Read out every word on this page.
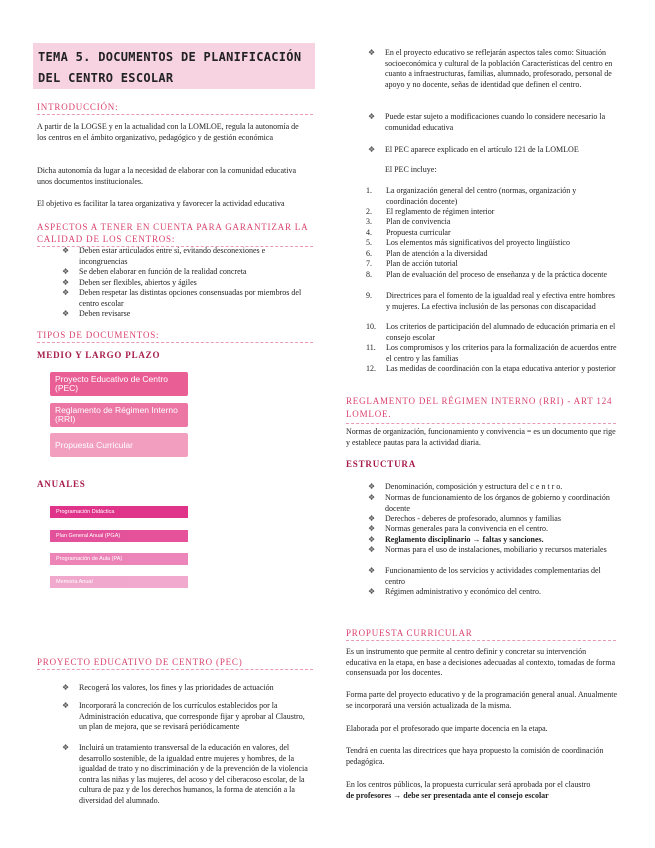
TEMA 5. DOCUMENTOS DE PLANIFICACIÓN DEL CENTRO ESCOLAR
INTRODUCCIÓN:
A partir de la LOGSE y en la actualidad con la LOMLOE, regula la autonomía de los centros en el ámbito organizativo, pedagógico y de gestión económica
Dicha autonomía da lugar a la necesidad de elaborar con la comunidad educativa unos documentos institucionales.
El objetivo es facilitar la tarea organizativa y favorecer la actividad educativa
ASPECTOS A TENER EN CUENTA PARA GARANTIZAR LA CALIDAD DE LOS CENTROS:
❖ Deben estar articulados entre sí, evitando desconexiones e incongruencias
❖ Se deben elaborar en función de la realidad concreta
❖ Deben ser flexibles, abiertos y ágiles
❖ Deben respetar las distintas opciones consensuadas por miembros del centro escolar
❖ Deben revisarse
TIPOS DE DOCUMENTOS:
MEDIO Y LARGO PLAZO
Proyecto Educativo de Centro (PEC)
Reglamento de Régimen Interno (RRI)
Propuesta Curricular
ANUALES
Programación Didáctica
Plan General Anual (PGA)
Programación de Aula (PA)
Memoria Anual
PROYECTO EDUCATIVO DE CENTRO (PEC)
❖ Recogerá los valores, los fines y las prioridades de actuación
❖ Incorporará la concreción de los currículos establecidos por la Administración educativa, que corresponde fijar y aprobar al Claustro, un plan de mejora, que se revisará periódicamente
❖ Incluirá un tratamiento transversal de la educación en valores, del desarrollo sostenible, de la igualdad entre mujeres y hombres, de la igualdad de trato y no discriminación y de la prevención de la violencia contra las niñas y las mujeres, del acoso y del ciberacoso escolar, de la cultura de paz y de los derechos humanos, la forma de atención a la diversidad del alumnado.
❖ En el proyecto educativo se reflejarán aspectos tales como: Situación socioeconómica y cultural de la población Características del centro en cuanto a infraestructuras, familias, alumnado, profesorado, personal de apoyo y no docente, señas de identidad que definen el centro.
❖ Puede estar sujeto a modificaciones cuando lo considere necesario la comunidad educativa
❖ El PEC aparece explicado en el artículo 121 de la LOMLOE
El PEC incluye:
1.	La organización general del centro (normas, organización y coordinación docente)
2.	El reglamento de régimen interior
3.	Plan de convivencia
4.	Propuesta curricular
5.	Los elementos más significativos del proyecto lingüístico
6.	Plan de atención a la diversidad
7.	Plan de acción tutorial
8.	Plan de evaluación del proceso de enseñanza y de la práctica docente
9.	Directrices para el fomento de la igualdad real y efectiva entre hombres y mujeres. La efectiva inclusión de las personas con discapacidad
10.	Los criterios de participación del alumnado de educación primaria en el consejo escolar
11.	Los compromisos y los criterios para la formalización de acuerdos entre el centro y las familias
12.	Las medidas de coordinación con la etapa educativa anterior y posterior
REGLAMENTO DEL RÉGIMEN INTERNO (RRI) - ART 124 LOMLOE.
Normas de organización, funcionamiento y convivencia = es un documento que rige y establece pautas para la actividad diaria.
ESTRUCTURA
❖ Denominación, composición y estructura del c e n t r o.
❖ Normas de funcionamiento de los órganos de gobierno y coordinación docente
❖ Derechos - deberes de profesorado, alumnos y familias
❖ Normas generales para la convivencia en el centro.
❖ Reglamento disciplinario → faltas y sanciones.
❖ Normas para el uso de instalaciones, mobiliario y recursos materiales
❖ Funcionamiento de los servicios y actividades complementarias del centro
❖ Régimen administrativo y económico del centro.
PROPUESTA CURRICULAR
Es un instrumento que permite al centro definir y concretar su intervención educativa en la etapa, en base a decisiones adecuadas al contexto, tomadas de forma consensuada por los docentes.
Forma parte del proyecto educativo y de la programación general anual. Anualmente se incorporará una versión actualizada de la misma.
Elaborada por el profesorado que imparte docencia en la etapa.
Tendrá en cuenta las directrices que haya propuesto la comisión de coordinación pedagógica.
En los centros públicos, la propuesta curricular será aprobada por el claustro
de profesores → debe ser presentada ante el consejo escolar
